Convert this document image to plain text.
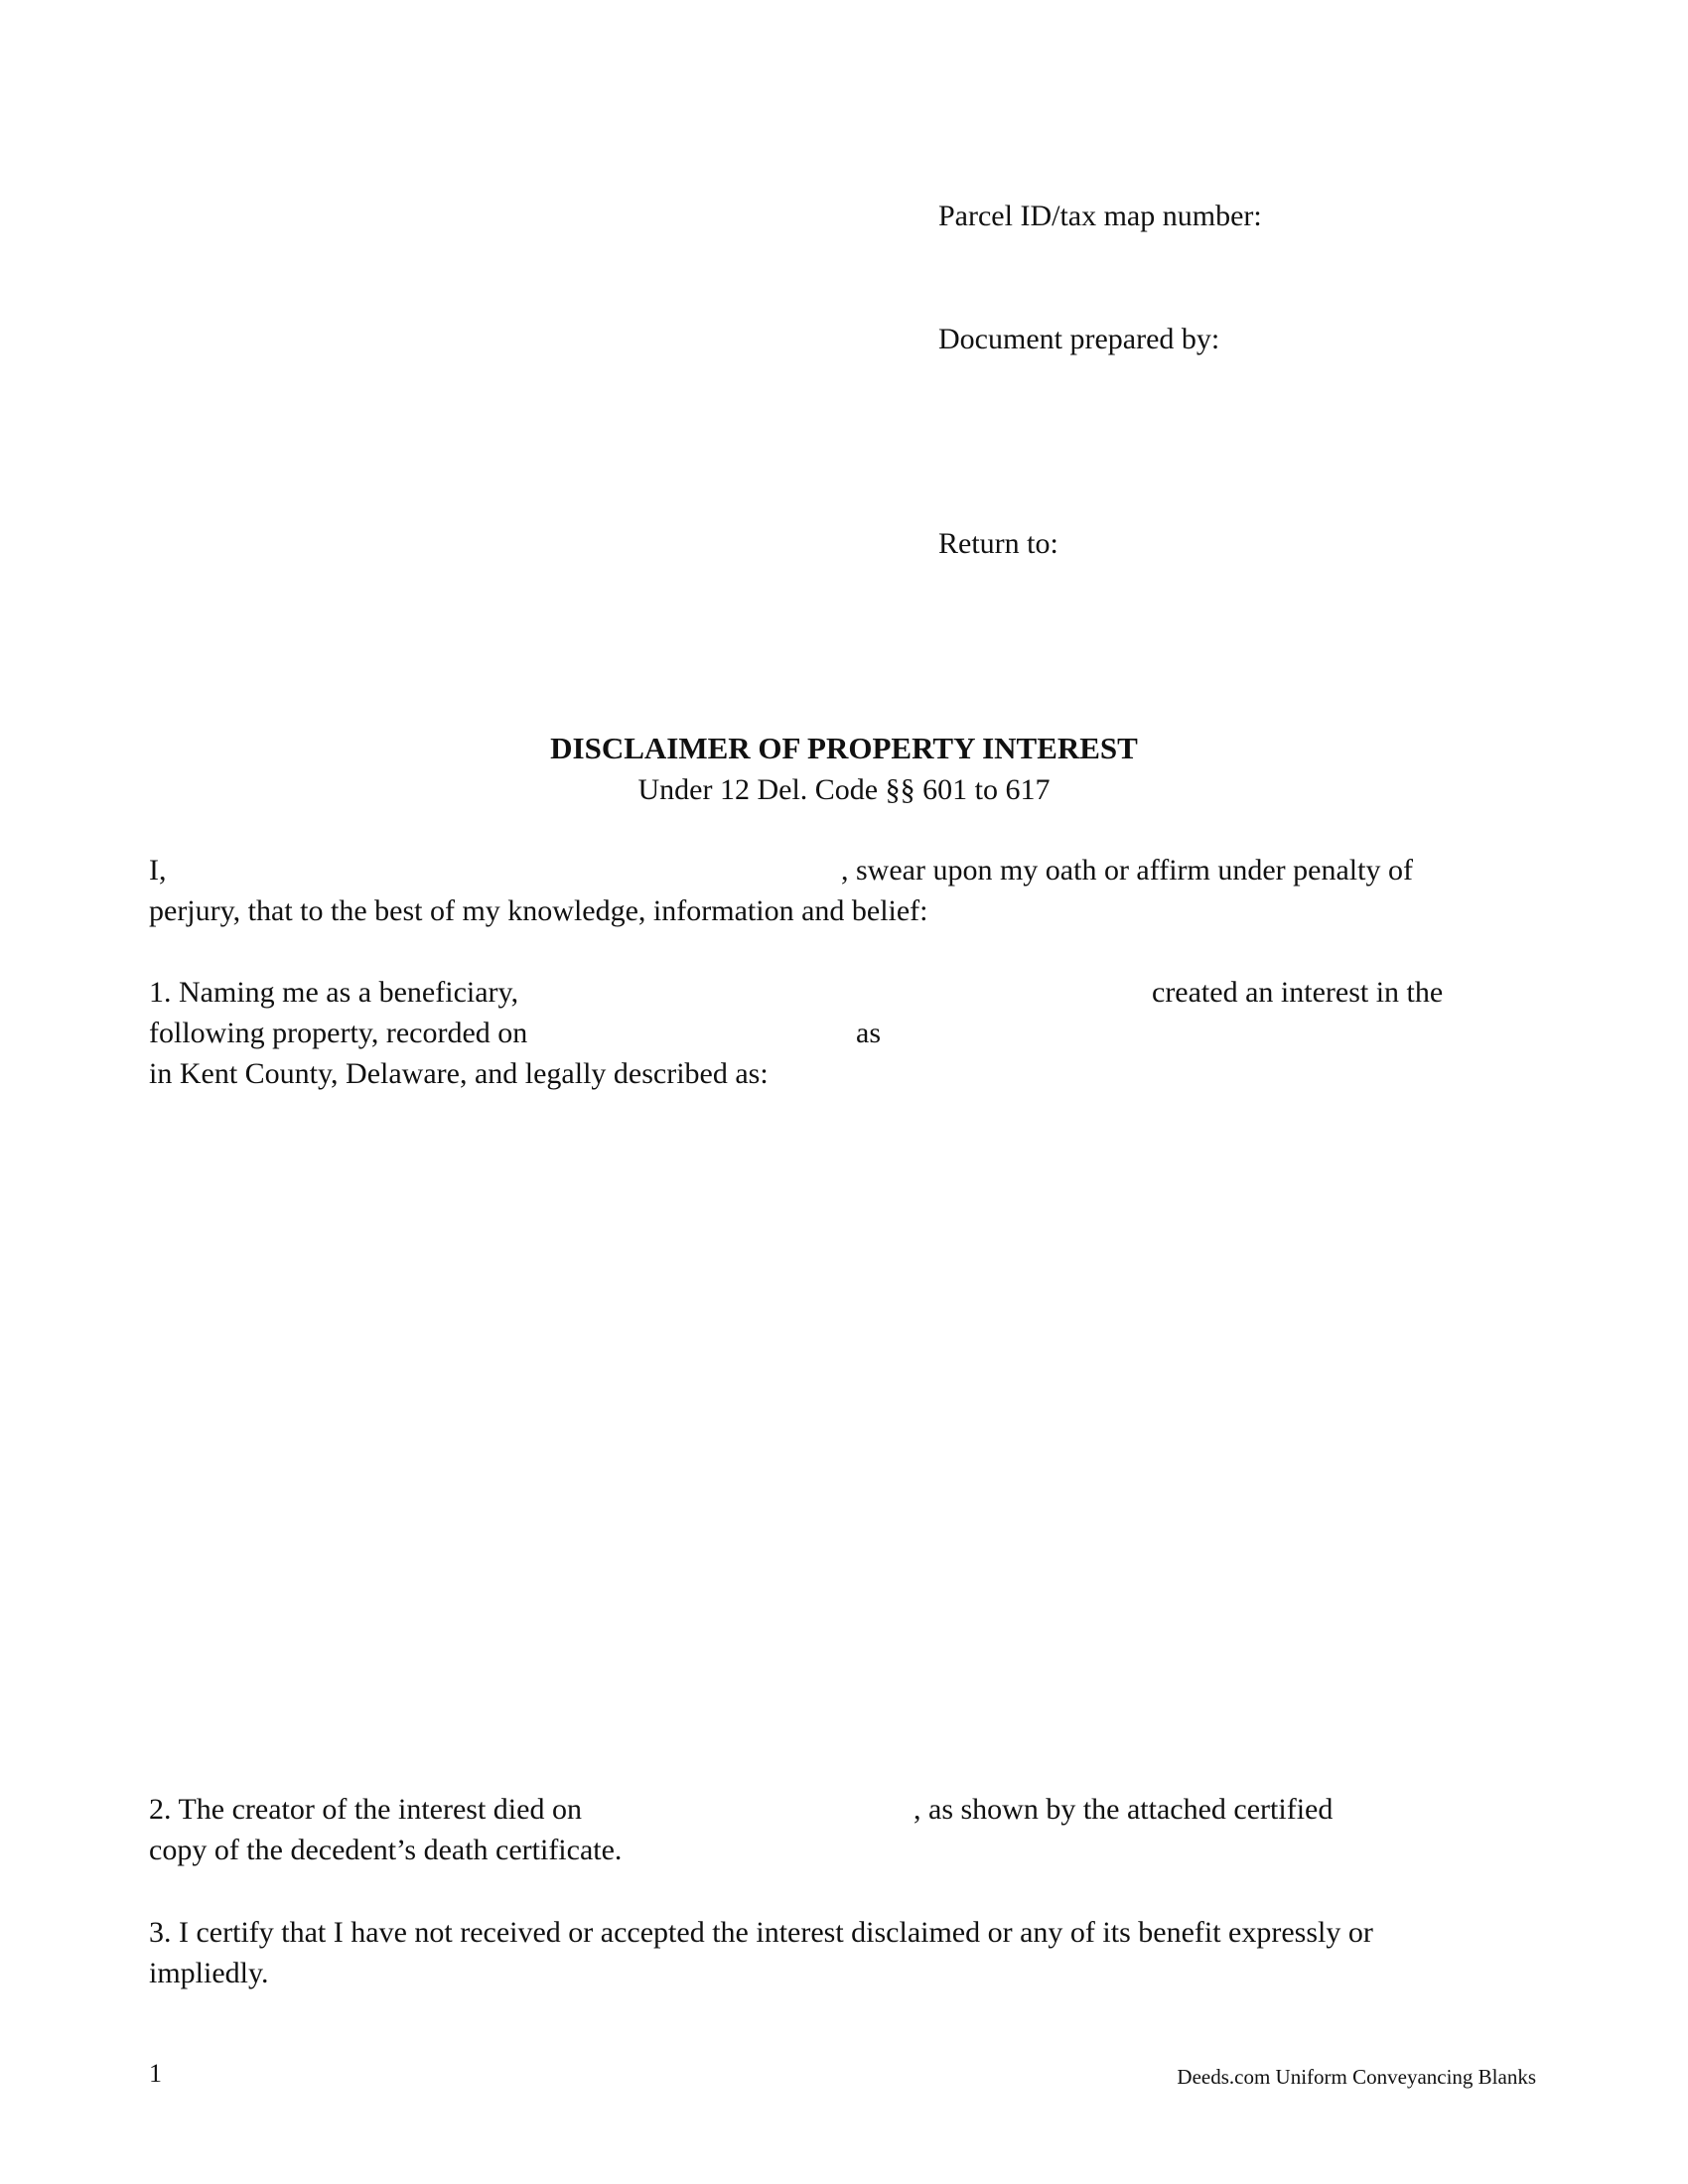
Parcel ID/tax map number:
Document prepared by:
Return to:
DISCLAIMER OF PROPERTY INTEREST
Under 12 Del. Code §§ 601 to 617
I,	, swear upon my oath or affirm under penalty of
perjury, that to the best of my knowledge, information and belief:
1. Naming me as a beneficiary,	created an interest in the
following property, recorded on	as
in Kent County, Delaware, and legally described as:
2. The creator of the interest died on	, as shown by the attached certified
copy of the decedent’s death certificate.
3. I certify that I have not received or accepted the interest disclaimed or any of its benefit expressly or
impliedly.
1	Deeds.com Uniform Conveyancing Blanks
